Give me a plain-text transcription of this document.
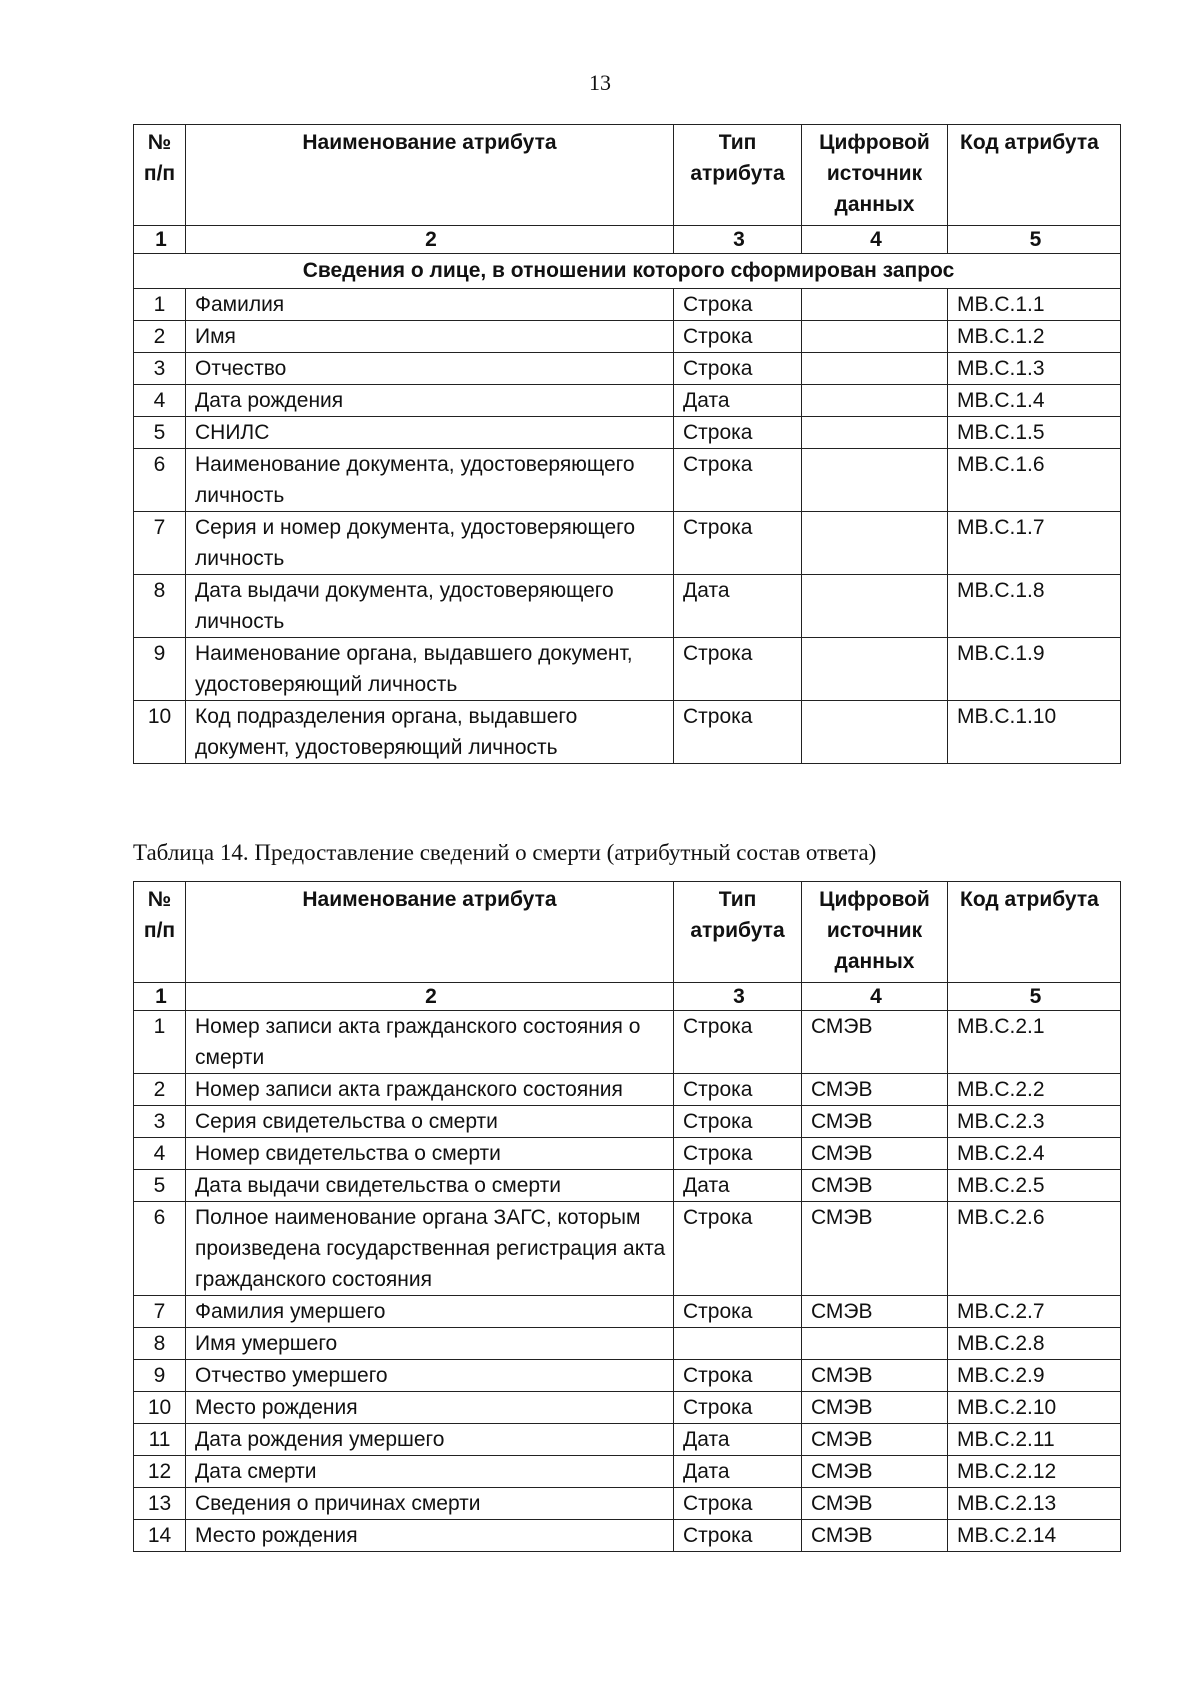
13
№ п/п	Наименование атрибута	Тип атрибута	Цифровой источник данных	Код атрибута
1	2	3	4	5
Сведения о лице, в отношении которого сформирован запрос				
1	Фамилия	Строка		MB.C.1.1
2	Имя	Строка		MB.C.1.2
3	Отчество	Строка		MB.C.1.3
4	Дата рождения	Дата		MB.C.1.4
5	СНИЛС	Строка		MB.C.1.5
6	Наименование документа, удостоверяющего личность	Строка		MB.C.1.6
7	Серия и номер документа, удостоверяющего личность	Строка		MB.C.1.7
8	Дата выдачи документа, удостоверяющего личность	Дата		MB.C.1.8
9	Наименование органа, выдавшего документ, удостоверяющий личность	Строка		MB.C.1.9
10	Код подразделения органа, выдавшего документ, удостоверяющий личность	Строка		MB.C.1.10
Таблица 14. Предоставление сведений о смерти (атрибутный состав ответа)
№ п/п	Наименование атрибута	Тип атрибута	Цифровой источник данных	Код атрибута
1	2	3	4	5
1	Номер записи акта гражданского состояния о смерти	Строка	СМЭВ	MB.C.2.1
2	Номер записи акта гражданского состояния	Строка	СМЭВ	MB.C.2.2
3	Серия свидетельства о смерти	Строка	СМЭВ	MB.C.2.3
4	Номер свидетельства о смерти	Строка	СМЭВ	MB.C.2.4
5	Дата выдачи свидетельства о смерти	Дата	СМЭВ	MB.C.2.5
6	Полное наименование органа ЗАГС, которым произведена государственная регистрация акта гражданского состояния	Строка	СМЭВ	MB.C.2.6
7	Фамилия умершего	Строка	СМЭВ	MB.C.2.7
8	Имя умершего			MB.C.2.8
9	Отчество умершего	Строка	СМЭВ	MB.C.2.9
10	Место рождения	Строка	СМЭВ	MB.C.2.10
11	Дата рождения умершего	Дата	СМЭВ	MB.C.2.11
12	Дата смерти	Дата	СМЭВ	MB.C.2.12
13	Сведения о причинах смерти	Строка	СМЭВ	MB.C.2.13
14	Место рождения	Строка	СМЭВ	MB.C.2.14
